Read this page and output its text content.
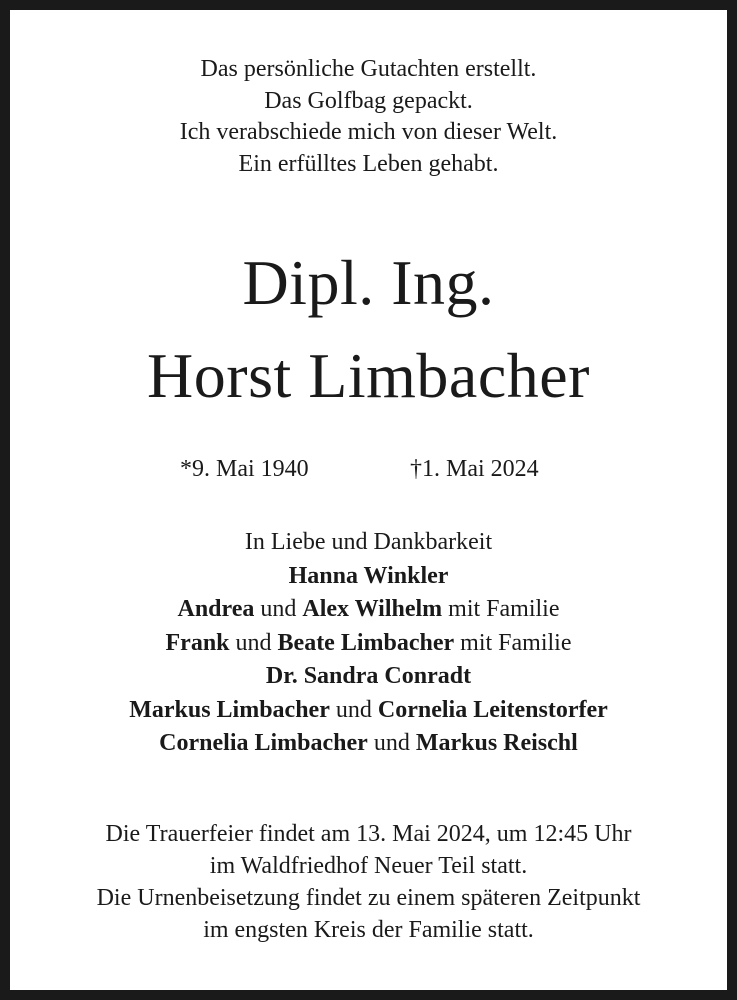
Das persönliche Gutachten erstellt.
Das Golfbag gepackt.
Ich verabschiede mich von dieser Welt.
Ein erfülltes Leben gehabt.
Dipl. Ing.
Horst Limbacher
*9. Mai 1940	†1. Mai 2024
In Liebe und Dankbarkeit
Hanna Winkler
Andrea und Alex Wilhelm mit Familie
Frank und Beate Limbacher mit Familie
Dr. Sandra Conradt
Markus Limbacher und Cornelia Leitenstorfer
Cornelia Limbacher und Markus Reischl
Die Trauerfeier findet am 13. Mai 2024, um 12:45 Uhr
im Waldfriedhof Neuer Teil statt.
Die Urnenbeisetzung findet zu einem späteren Zeitpunkt
im engsten Kreis der Familie statt.
